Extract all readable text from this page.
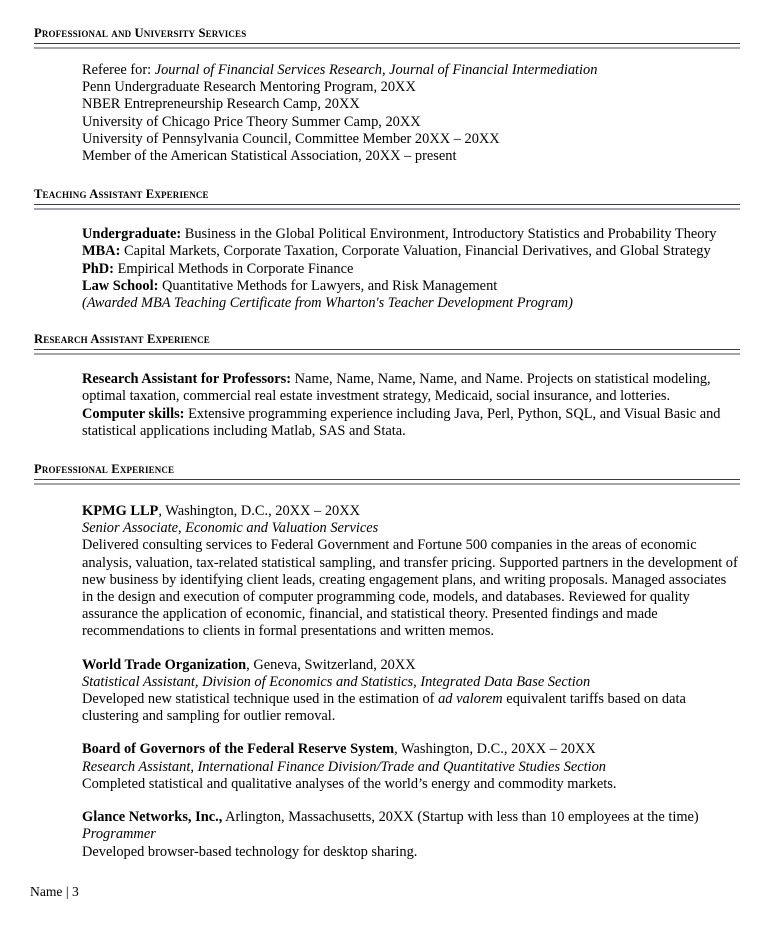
Professional and University Services

Referee for: Journal of Financial Services Research, Journal of Financial Intermediation

Penn Undergraduate Research Mentoring Program, 20XX

NBER Entrepreneurship Research Camp, 20XX

University of Chicago Price Theory Summer Camp, 20XX

University of Pennsylvania Council, Committee Member 20XX – 20XX

Member of the American Statistical Association, 20XX – present

Teaching Assistant Experience

Undergraduate: Business in the Global Political Environment, Introductory Statistics and Probability Theory

MBA: Capital Markets, Corporate Taxation, Corporate Valuation, Financial Derivatives, and Global Strategy

PhD: Empirical Methods in Corporate Finance

Law School: Quantitative Methods for Lawyers, and Risk Management

(Awarded MBA Teaching Certificate from Wharton's Teacher Development Program)

Research Assistant Experience

Research Assistant for Professors: Name, Name, Name, Name, and Name. Projects on statistical modeling, optimal taxation, commercial real estate investment strategy, Medicaid, social insurance, and lotteries.

Computer skills: Extensive programming experience including Java, Perl, Python, SQL, and Visual Basic and statistical applications including Matlab, SAS and Stata.

Professional Experience

KPMG LLP, Washington, D.C., 20XX – 20XX

Senior Associate, Economic and Valuation Services

Delivered consulting services to Federal Government and Fortune 500 companies in the areas of economic analysis, valuation, tax-related statistical sampling, and transfer pricing. Supported partners in the development of new business by identifying client leads, creating engagement plans, and writing proposals. Managed associates in the design and execution of computer programming code, models, and databases. Reviewed for quality assurance the application of economic, financial, and statistical theory. Presented findings and made recommendations to clients in formal presentations and written memos.

World Trade Organization, Geneva, Switzerland, 20XX

Statistical Assistant, Division of Economics and Statistics, Integrated Data Base Section

Developed new statistical technique used in the estimation of ad valorem equivalent tariffs based on data clustering and sampling for outlier removal.

Board of Governors of the Federal Reserve System, Washington, D.C., 20XX – 20XX

Research Assistant, International Finance Division/Trade and Quantitative Studies Section

Completed statistical and qualitative analyses of the world’s energy and commodity markets.

Glance Networks, Inc., Arlington, Massachusetts, 20XX (Startup with less than 10 employees at the time)

Programmer

Developed browser-based technology for desktop sharing.

Name | 3
